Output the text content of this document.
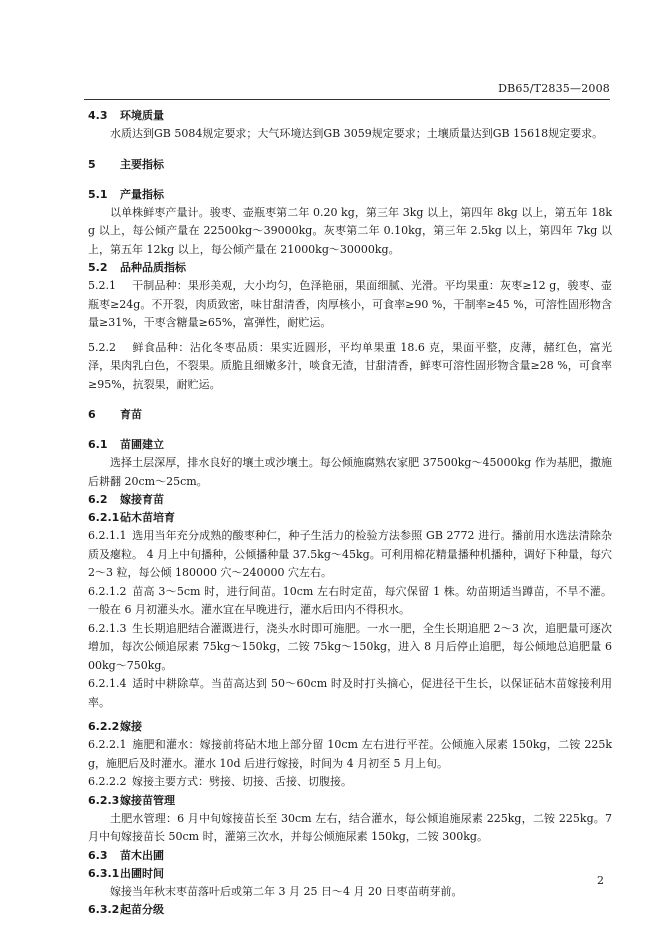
DB65/T2835—2008
4.3 环境质量

水质达到GB 5084规定要求；大气环境达到GB 3059规定要求；土壤质量达到GB 15618规定要求。

5 主要指标
5.1 产量指标

以单株鲜枣产量计。骏枣、壶瓶枣第二年 0.20 kg，第三年 3kg 以上，第四年 8kg 以上，第五年 18kg 以上，每公倾产量在 22500kg～39000kg。灰枣第二年 0.10kg，第三年 2.5kg 以上，第四年 7kg 以上，第五年 12kg 以上，每公倾产量在 21000kg～30000kg。

5.2 品种品质指标

5.2.1 干制品种：果形美观，大小均匀，色泽艳丽，果面细腻、光滑。平均果重：灰枣≥12 g，骏枣、壶瓶枣≥24g。不开裂，肉质致密，味甘甜清香，肉厚核小，可食率≥90 %，干制率≥45 %，可溶性固形物含量≥31%，干枣含糖量≥65%，富弹性，耐贮运。

5.2.2 鲜食品种：沾化冬枣品质：果实近圆形，平均单果重 18.6 克，果面平整，皮薄，赭红色，富光泽，果肉乳白色，不裂果。质脆且细嫩多汁，啖食无渣，甘甜清香，鲜枣可溶性固形物含量≥28 %，可食率≥95%，抗裂果，耐贮运。

6 育苗
6.1 苗圃建立

选择土层深厚，排水良好的壤土或沙壤土。每公倾施腐熟农家肥 37500kg～45000kg 作为基肥，撒施后耕翻 20cm～25cm。

6.2 嫁接育苗
6.2.1砧木苗培育

6.2.1.1 选用当年充分成熟的酸枣种仁，种子生活力的检验方法参照 GB 2772 进行。播前用水选法清除杂质及瘪粒。 4 月上中旬播种，公倾播种量 37.5kg～45kg。可利用棉花精量播种机播种，调好下种量，每穴 2～3 粒，每公倾 180000 穴～240000 穴左右。

6.2.1.2 苗高 3～5cm 时，进行间苗。10cm 左右时定苗，每穴保留 1 株。幼苗期适当蹲苗，不旱不灌。一般在 6 月初灌头水。灌水宜在早晚进行，灌水后田内不得积水。

6.2.1.3 生长期追肥结合灌溉进行，浇头水时即可施肥。一水一肥，全生长期追肥 2～3 次，追肥量可逐次增加，每次公倾追尿素 75kg～150kg，二铵 75kg～150kg，进入 8 月后停止追肥，每公倾地总追肥量 600kg～750kg。

6.2.1.4 适时中耕除草。当苗高达到 50～60cm 时及时打头摘心，促进径干生长，以保证砧木苗嫁接利用率。

6.2.2嫁接

6.2.2.1 施肥和灌水：嫁接前将砧木地上部分留 10cm 左右进行平茬。公倾施入尿素 150kg，二铵 225kg，施肥后及时灌水。灌水 10d 后进行嫁接，时间为 4 月初至 5 月上旬。

6.2.2.2 嫁接主要方式：劈接、切接、舌接、切腹接。

6.2.3嫁接苗管理

土肥水管理：6 月中旬嫁接苗长至 30cm 左右，结合灌水，每公倾追施尿素 225kg，二铵 225kg。7 月中旬嫁接苗长 50cm 时，灌第三次水，并每公倾施尿素 150kg，二铵 300kg。

6.3 苗木出圃
6.3.1出圃时间

嫁接当年秋末枣苗落叶后或第二年 3 月 25 日～4 月 20 日枣苗萌芽前。

6.3.2起苗分级
2
